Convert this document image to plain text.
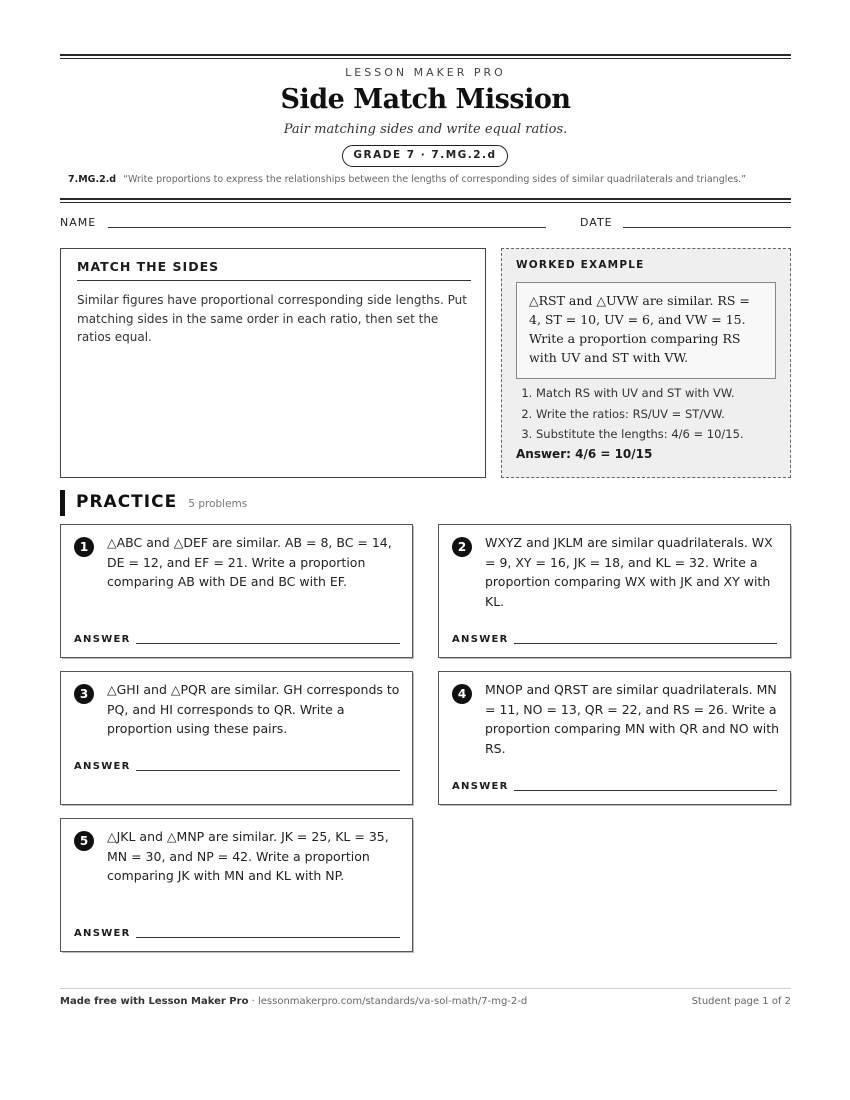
LESSON MAKER PRO
Side Match Mission
Pair matching sides and write equal ratios.
GRADE 7 · 7.MG.2.d
7.MG.2.d “Write proportions to express the relationships between the lengths of corresponding sides of similar quadrilaterals and triangles.”
NAME	DATE
MATCH THE SIDES
Similar figures have proportional corresponding side lengths. Put matching sides in the same order in each ratio, then set the ratios equal.
WORKED EXAMPLE
△RST and △UVW are similar. RS = 4, ST = 10, UV = 6, and VW = 15. Write a proportion comparing RS with UV and ST with VW.
1. Match RS with UV and ST with VW.
2. Write the ratios: RS/UV = ST/VW.
3. Substitute the lengths: 4/6 = 10/15.
Answer: 4/6 = 10/15
PRACTICE 5 problems
1	△ABC and △DEF are similar. AB = 8, BC = 14, DE = 12, and EF = 21. Write a proportion comparing AB with DE and BC with EF.
ANSWER
2	WXYZ and JKLM are similar quadrilaterals. WX = 9, XY = 16, JK = 18, and KL = 32. Write a proportion comparing WX with JK and XY with KL.
ANSWER
3	△GHI and △PQR are similar. GH corresponds to PQ, and HI corresponds to QR. Write a proportion using these pairs.
ANSWER
4	MNOP and QRST are similar quadrilaterals. MN = 11, NO = 13, QR = 22, and RS = 26. Write a proportion comparing MN with QR and NO with RS.
ANSWER
5	△JKL and △MNP are similar. JK = 25, KL = 35, MN = 30, and NP = 42. Write a proportion comparing JK with MN and KL with NP.
ANSWER
Made free with Lesson Maker Pro · lessonmakerpro.com/standards/va-sol-math/7-mg-2-d	Student page 1 of 2
